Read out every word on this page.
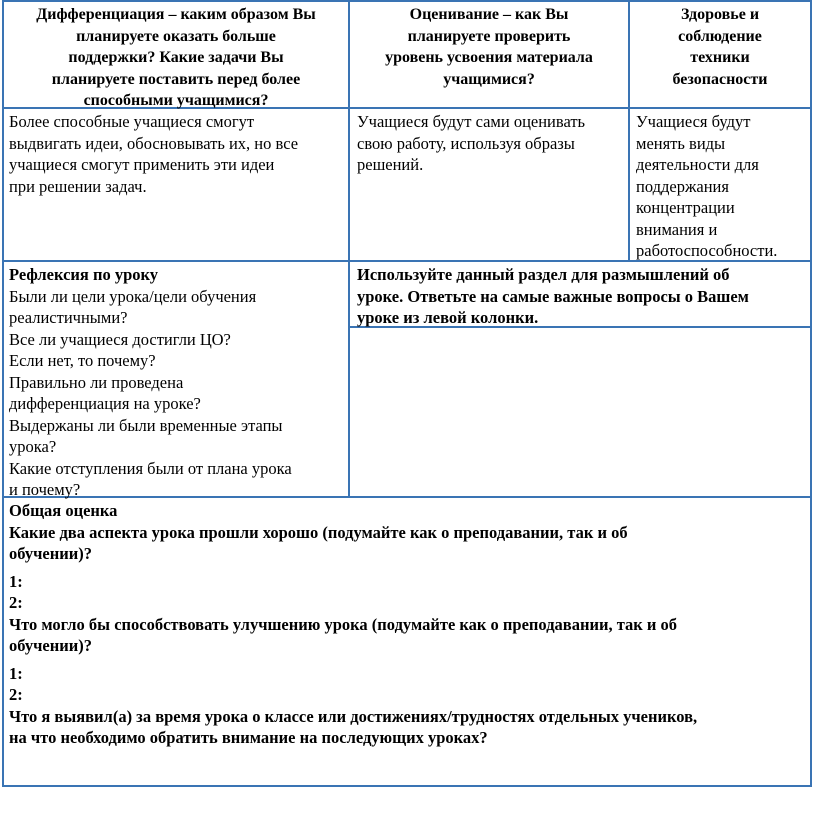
Дифференциация – каким образом Вы
планируете оказать больше
поддержки? Какие задачи Вы
планируете поставить перед более
способными учащимися?
Оценивание – как Вы
планируете проверить
уровень усвоения материала
учащимися?
Здоровье и
соблюдение
техники
безопасности
Более способные учащиеся смогут
выдвигать идеи, обосновывать их, но все
учащиеся смогут применить эти идеи
при решении задач.
Учащиеся будут сами оценивать
свою работу, используя образы
решений.
Учащиеся будут
менять виды
деятельности для
поддержания
концентрации
внимания и
работоспособности.
Рефлексия по уроку
Были ли цели урока/цели обучения
реалистичными?
Все ли учащиеся достигли ЦО?
Если нет, то почему?
Правильно ли проведена
дифференциация на уроке?
Выдержаны ли были временные этапы
урока?
Какие отступления были от плана урока
и почему?
Используйте данный раздел для размышлений об
уроке. Ответьте на самые важные вопросы о Вашем
уроке из левой колонки.
Общая оценка
Какие два аспекта урока прошли хорошо (подумайте как о преподавании, так и об
обучении)?
1:
2:
Что могло бы способствовать улучшению урока (подумайте как о преподавании, так и об
обучении)?
1:
2:
Что я выявил(а) за время урока о классе или достижениях/трудностях отдельных учеников,
на что необходимо обратить внимание на последующих уроках?
